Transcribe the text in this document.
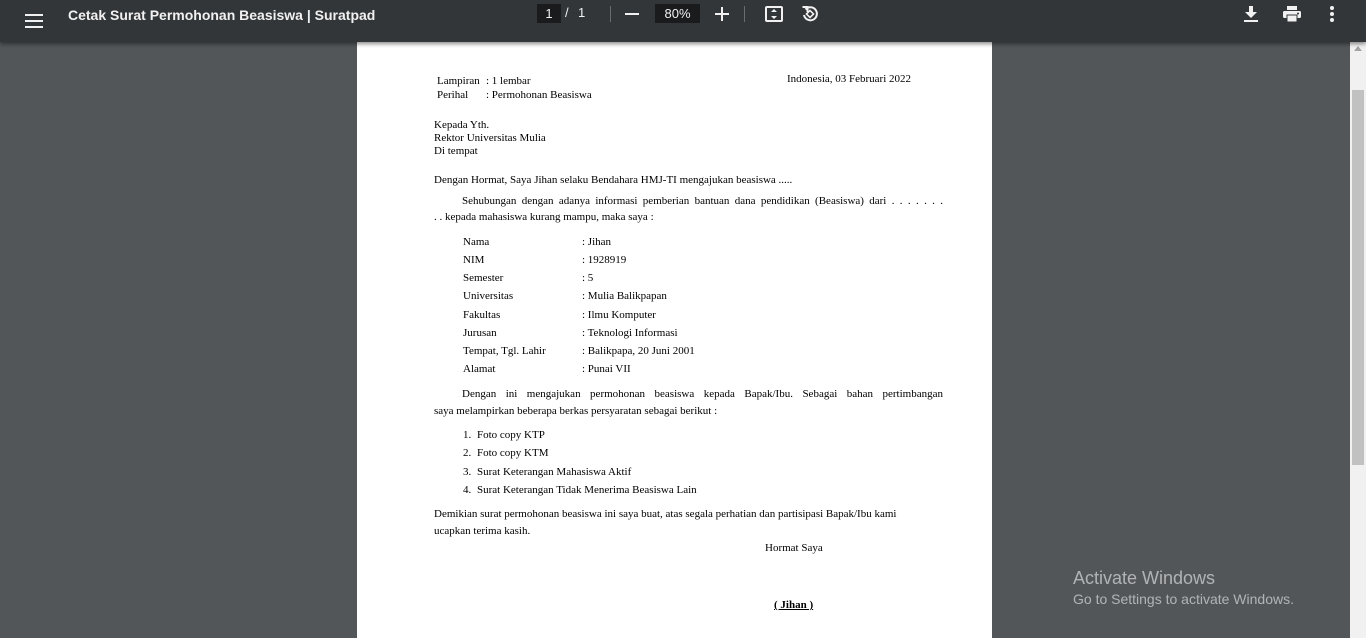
Cetak Surat Permohonan Beasiswa | Suratpad	1 / 1	80%
Lampiran : 1 lembar
Perihal : Permohonan Beasiswa
Indonesia, 03 Februari 2022
Kepada Yth.
Rektor Universitas Mulia
Di tempat
Dengan Hormat, Saya Jihan selaku Bendahara HMJ-TI mengajukan beasiswa .....
Sehubungan dengan adanya informasi pemberian bantuan dana pendidikan (Beasiswa) dari . . . . . . .
. . kepada mahasiswa kurang mampu, maka saya :
Nama	: Jihan
NIM	: 1928919
Semester	: 5
Universitas	: Mulia Balikpapan
Fakultas	: Ilmu Komputer
Jurusan	: Teknologi Informasi
Tempat, Tgl. Lahir	: Balikpapa, 20 Juni 2001
Alamat	: Punai VII
Dengan ini mengajukan permohonan beasiswa kepada Bapak/Ibu. Sebagai bahan pertimbangan
saya melampirkan beberapa berkas persyaratan sebagai berikut :
1. Foto copy KTP
2. Foto copy KTM
3. Surat Keterangan Mahasiswa Aktif
4. Surat Keterangan Tidak Menerima Beasiswa Lain
Demikian surat permohonan beasiswa ini saya buat, atas segala perhatian dan partisipasi Bapak/Ibu kami
ucapkan terima kasih.
Hormat Saya
( Jihan )
Activate Windows
Go to Settings to activate Windows.
